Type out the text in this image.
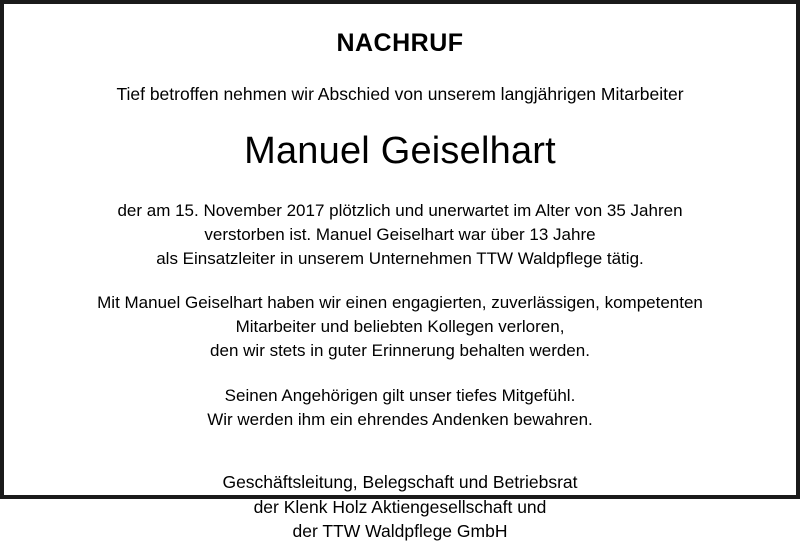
NACHRUF
Tief betroffen nehmen wir Abschied von unserem langjährigen Mitarbeiter
Manuel Geiselhart
der am 15. November 2017 plötzlich und unerwartet im Alter von 35 Jahren
verstorben ist. Manuel Geiselhart war über 13 Jahre
als Einsatzleiter in unserem Unternehmen TTW Waldpflege tätig.
Mit Manuel Geiselhart haben wir einen engagierten, zuverlässigen, kompetenten
Mitarbeiter und beliebten Kollegen verloren,
den wir stets in guter Erinnerung behalten werden.
Seinen Angehörigen gilt unser tiefes Mitgefühl.
Wir werden ihm ein ehrendes Andenken bewahren.
Geschäftsleitung, Belegschaft und Betriebsrat
der Klenk Holz Aktiengesellschaft und
der TTW Waldpflege GmbH
